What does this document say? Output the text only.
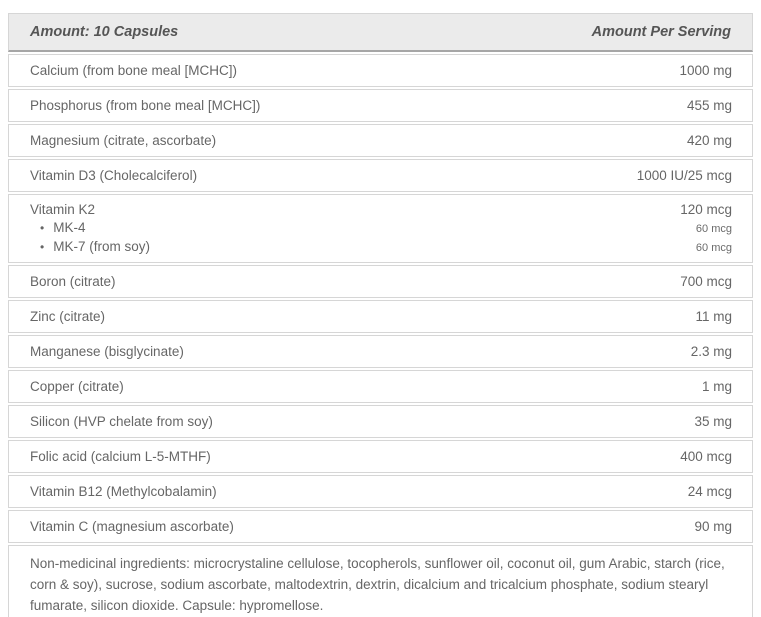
Amount: 10 Capsules	Amount Per Serving
Calcium (from bone meal [MCHC])	1000 mg
Phosphorus (from bone meal [MCHC])	455 mg
Magnesium (citrate, ascorbate)	420 mg
Vitamin D3 (Cholecalciferol)	1000 IU/25 mcg
Vitamin K2	120 mcg
• MK-4	60 mcg
• MK-7 (from soy)	60 mcg
Boron (citrate)	700 mcg
Zinc (citrate)	11 mg
Manganese (bisglycinate)	2.3 mg
Copper (citrate)	1 mg
Silicon (HVP chelate from soy)	35 mg
Folic acid (calcium L-5-MTHF)	400 mcg
Vitamin B12 (Methylcobalamin)	24 mcg
Vitamin C (magnesium ascorbate)	90 mg
Non-medicinal ingredients: microcrystaline cellulose, tocopherols, sunflower oil, coconut oil, gum Arabic, starch (rice, corn & soy), sucrose, sodium ascorbate, maltodextrin, dextrin, dicalcium and tricalcium phosphate, sodium stearyl fumarate, silicon dioxide. Capsule: hypromellose.
